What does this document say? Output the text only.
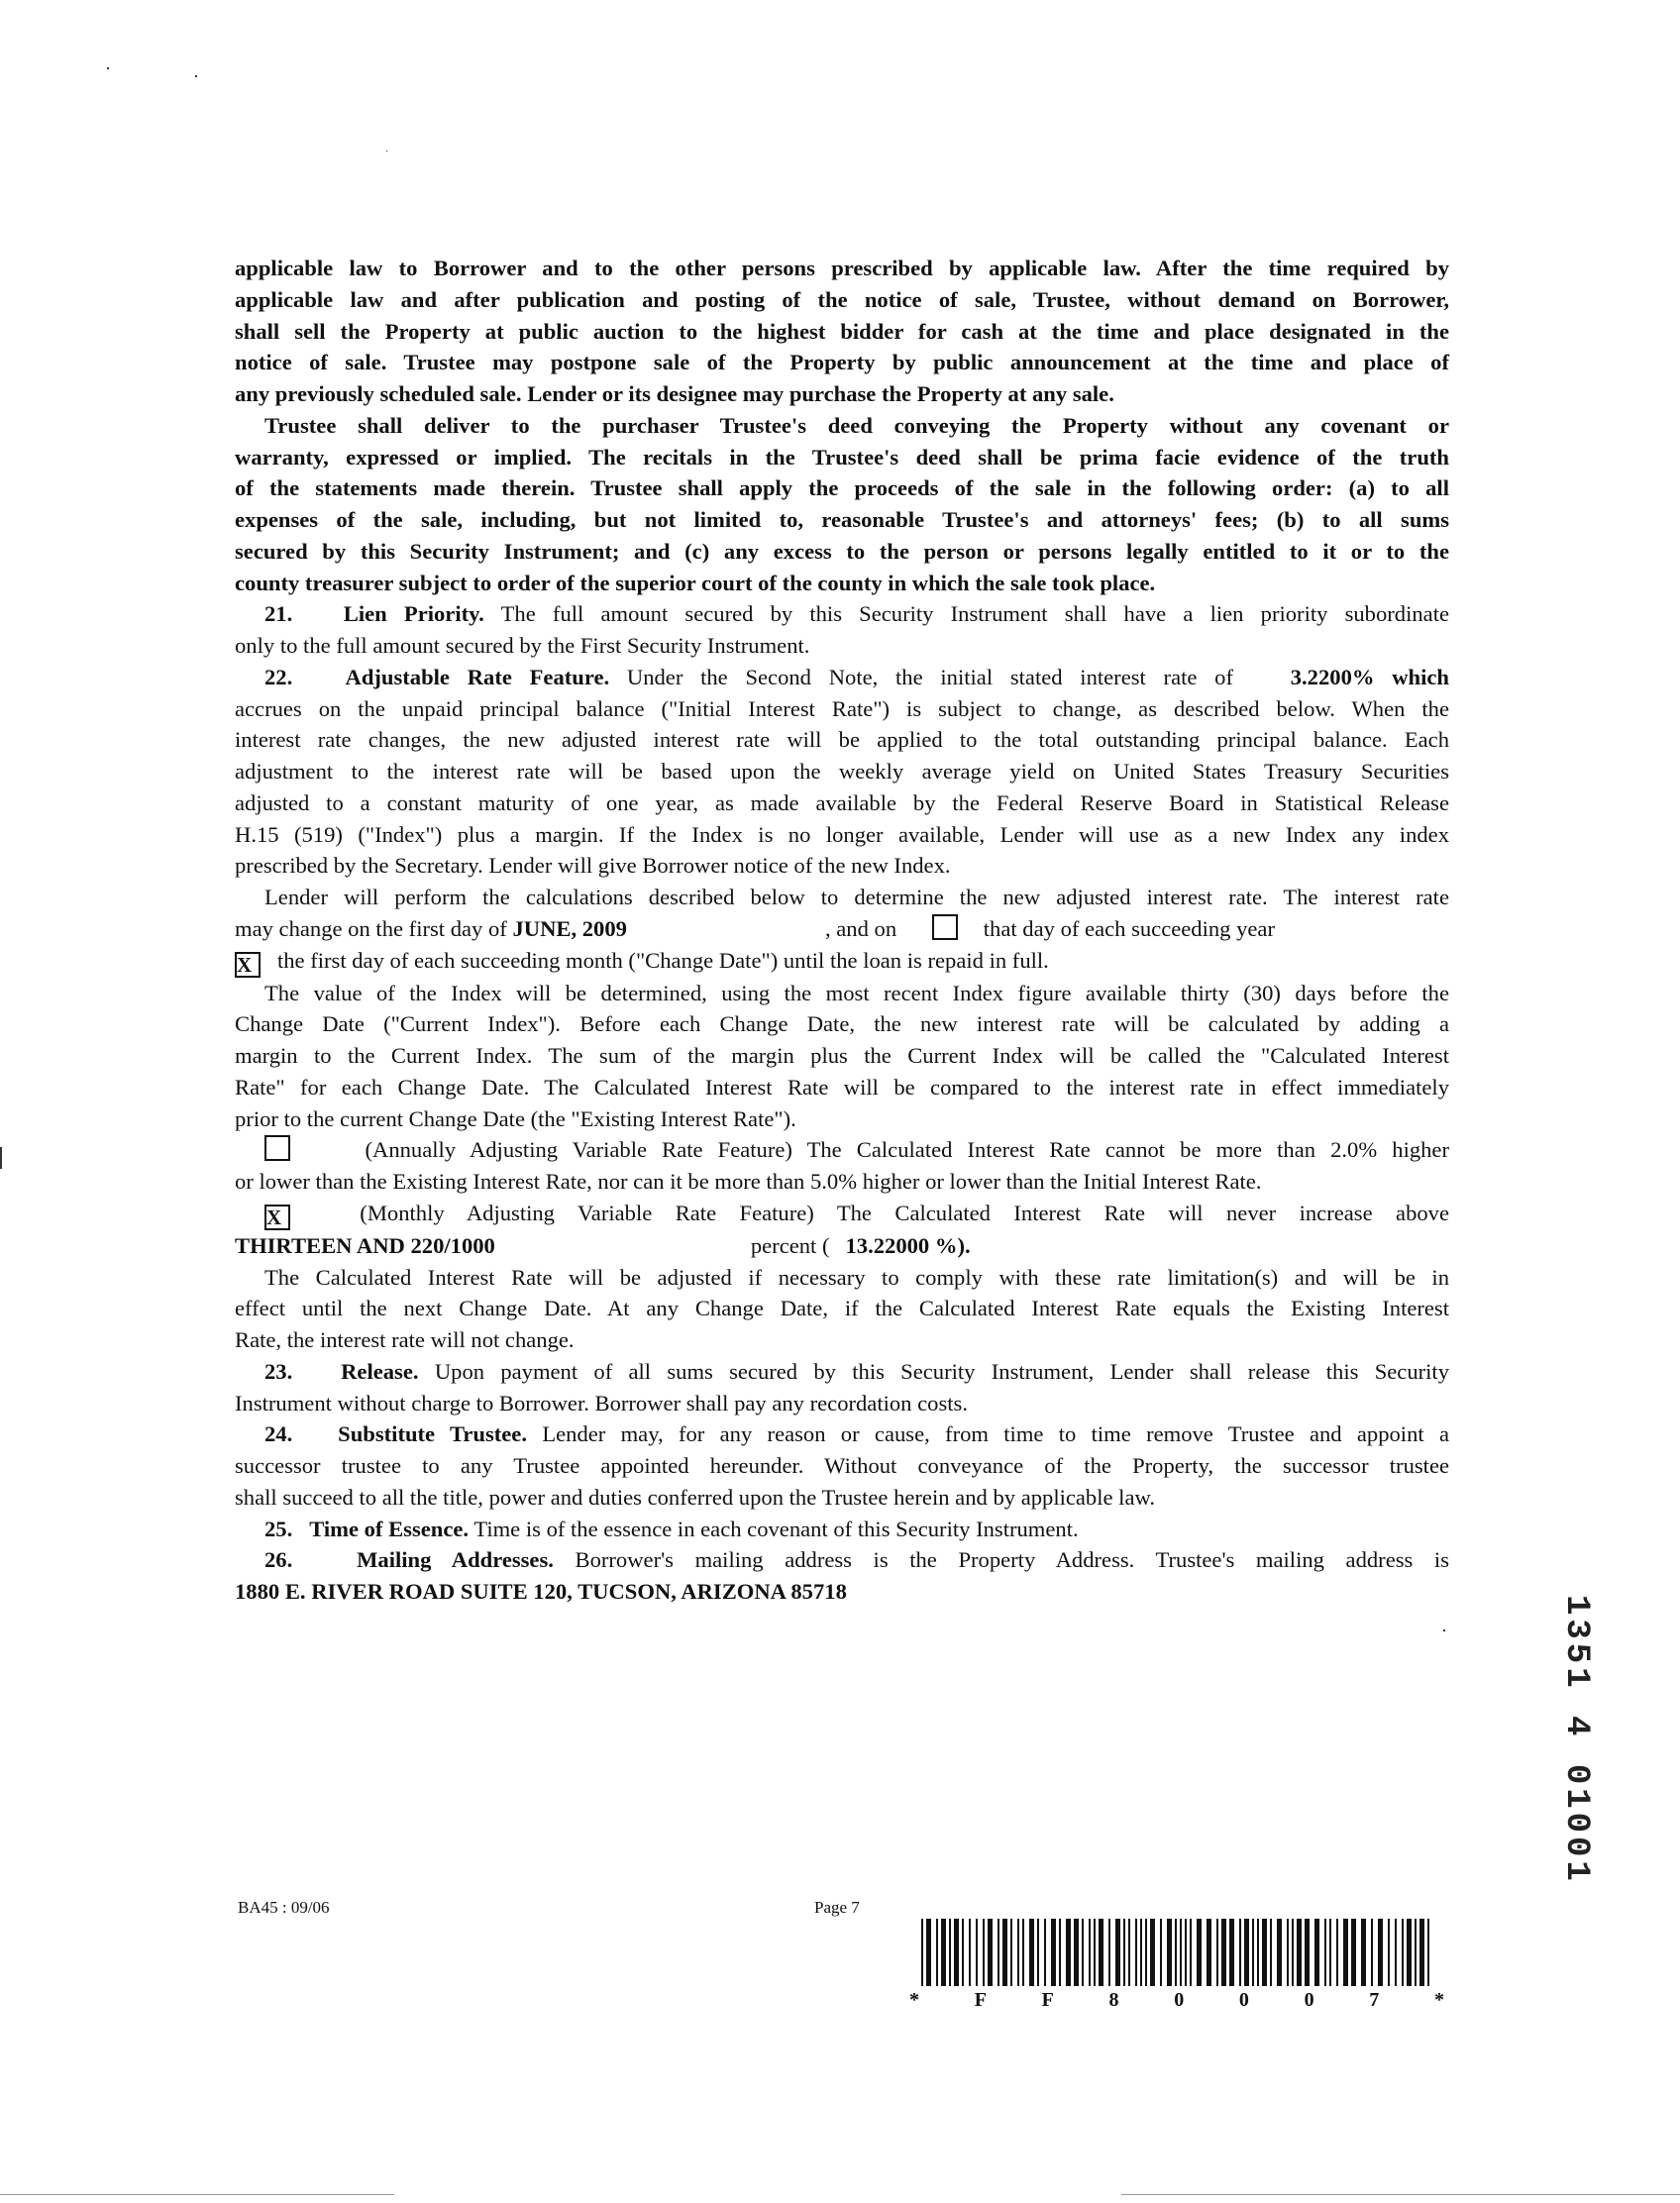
applicable law to Borrower and to the other persons prescribed by applicable law. After the time required by
applicable law and after publication and posting of the notice of sale, Trustee, without demand on Borrower,
shall sell the Property at public auction to the highest bidder for cash at the time and place designated in the
notice of sale. Trustee may postpone sale of the Property by public announcement at the time and place of
any previously scheduled sale. Lender or its designee may purchase the Property at any sale.

Trustee shall deliver to the purchaser Trustee's deed conveying the Property without any covenant or
warranty, expressed or implied. The recitals in the Trustee's deed shall be prima facie evidence of the truth
of the statements made therein. Trustee shall apply the proceeds of the sale in the following order: (a) to all
expenses of the sale, including, but not limited to, reasonable Trustee's and attorneys' fees; (b) to all sums
secured by this Security Instrument; and (c) any excess to the person or persons legally entitled to it or to the
county treasurer subject to order of the superior court of the county in which the sale took place.

21. Lien Priority. The full amount secured by this Security Instrument shall have a lien priority subordinate
only to the full amount secured by the First Security Instrument.

22. Adjustable Rate Feature. Under the Second Note, the initial stated interest rate of	3.2200% which
accrues on the unpaid principal balance ("Initial Interest Rate") is subject to change, as described below. When the
interest rate changes, the new adjusted interest rate will be applied to the total outstanding principal balance. Each
adjustment to the interest rate will be based upon the weekly average yield on United States Treasury Securities
adjusted to a constant maturity of one year, as made available by the Federal Reserve Board in Statistical Release
H.15 (519) ("Index") plus a margin. If the Index is no longer available, Lender will use as a new Index any index
prescribed by the Secretary. Lender will give Borrower notice of the new Index.
Lender will perform the calculations described below to determine the new adjusted interest rate. The interest rate
may change on the first day of JUNE, 2009	, and on	that day of each succeeding year
X the first day of each succeeding month ("Change Date") until the loan is repaid in full.
The value of the Index will be determined, using the most recent Index figure available thirty (30) days before the
Change Date ("Current Index"). Before each Change Date, the new interest rate will be calculated by adding a
margin to the Current Index. The sum of the margin plus the Current Index will be called the "Calculated Interest
Rate" for each Change Date. The Calculated Interest Rate will be compared to the interest rate in effect immediately
prior to the current Change Date (the "Existing Interest Rate").
(Annually Adjusting Variable Rate Feature) The Calculated Interest Rate cannot be more than 2.0% higher
or lower than the Existing Interest Rate, nor can it be more than 5.0% higher or lower than the Initial Interest Rate.
X	(Monthly Adjusting Variable Rate Feature) The Calculated Interest Rate will never increase above
THIRTEEN AND 220/1000	percent ( 13.22000 %).
The Calculated Interest Rate will be adjusted if necessary to comply with these rate limitation(s) and will be in
effect until the next Change Date. At any Change Date, if the Calculated Interest Rate equals the Existing Interest
Rate, the interest rate will not change.

23. Release. Upon payment of all sums secured by this Security Instrument, Lender shall release this Security
Instrument without charge to Borrower. Borrower shall pay any recordation costs.

24. Substitute Trustee. Lender may, for any reason or cause, from time to time remove Trustee and appoint a
successor trustee to any Trustee appointed hereunder. Without conveyance of the Property, the successor trustee
shall succeed to all the title, power and duties conferred upon the Trustee herein and by applicable law.

25. Time of Essence. Time is of the essence in each covenant of this Security Instrument.

26.	Mailing Addresses. Borrower's mailing address is the Property Address. Trustee's mailing address is
1880 E. RIVER ROAD SUITE 120, TUCSON, ARIZONA 85718

BA45 : 09/06	Page 7
*	F	F	8	0	0	0	7	*
1351 4 01001
